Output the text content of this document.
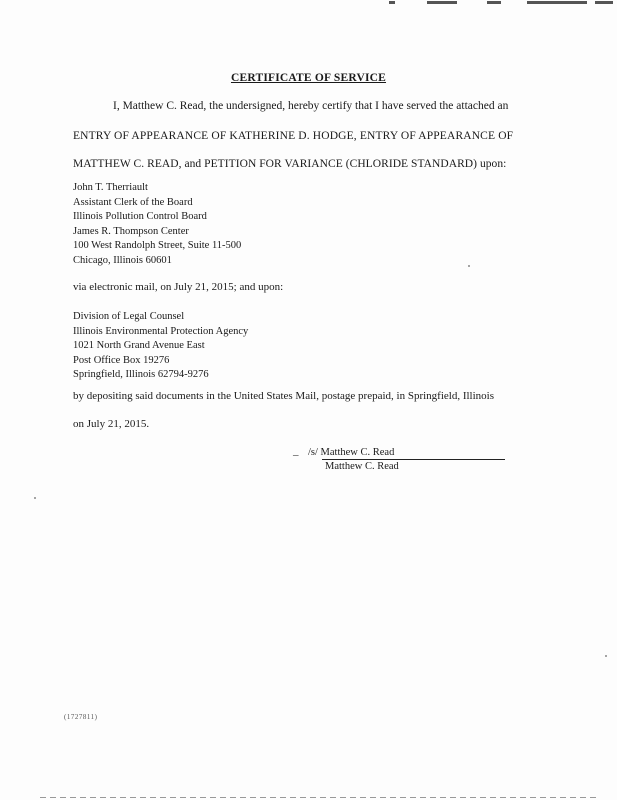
CERTIFICATE OF SERVICE
I, Matthew C. Read, the undersigned, hereby certify that I have served the attached an
ENTRY OF APPEARANCE OF KATHERINE D. HODGE, ENTRY OF APPEARANCE OF
MATTHEW C. READ, and PETITION FOR VARIANCE (CHLORIDE STANDARD) upon:
John T. Therriault
Assistant Clerk of the Board
Illinois Pollution Control Board
James R. Thompson Center
100 West Randolph Street, Suite 11-500
Chicago, Illinois 60601
via electronic mail, on July 21, 2015; and upon:
Division of Legal Counsel
Illinois Environmental Protection Agency
1021 North Grand Avenue East
Post Office Box 19276
Springfield, Illinois 62794-9276
by depositing said documents in the United States Mail, postage prepaid, in Springfield, Illinois
on July 21, 2015.
_ /s/ Matthew C. Read
Matthew C. Read
(1727811)
